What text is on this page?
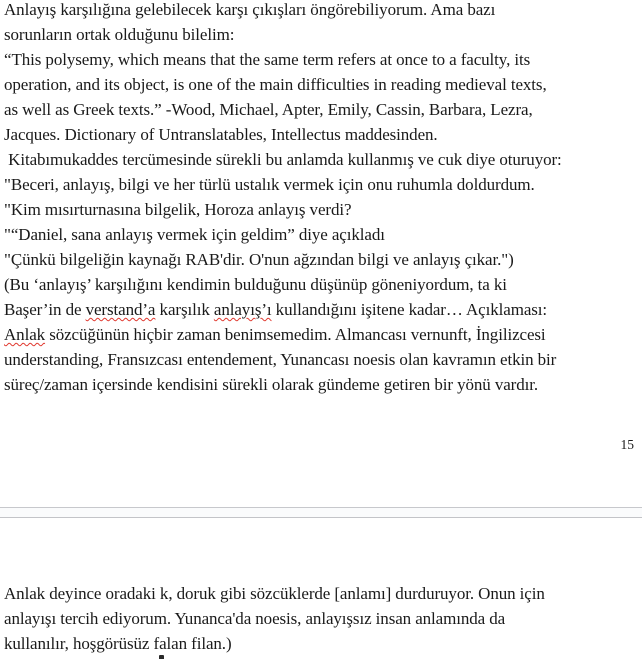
Anlayış karşılığına gelebilecek karşı çıkışları öngörebiliyorum. Ama bazı
sorunların ortak olduğunu bilelim:
“This polysemy, which means that the same term refers at once to a faculty, its
operation, and its object, is one of the main difficulties in reading medieval texts,
as well as Greek texts.” -Wood, Michael, Apter, Emily, Cassin, Barbara, Lezra,
Jacques. Dictionary of Untranslatables, Intellectus maddesinden.
Kitabımukaddes tercümesinde sürekli bu anlamda kullanmış ve cuk diye oturuyor:
"Beceri, anlayış, bilgi ve her türlü ustalık vermek için onu ruhumla doldurdum.
"Kim mısırturnasına bilgelik, Horoza anlayış verdi?
"“Daniel, sana anlayış vermek için geldim” diye açıkladı
"Çünkü bilgeliğin kaynağı RAB'dir. O'nun ağzından bilgi ve anlayış çıkar.")
(Bu ‘anlayış’ karşılığını kendimin bulduğunu düşünüp göneniyordum, ta ki
Başer’in de verstand’a karşılık anlayış’ı kullandığını işitene kadar… Açıklaması:
Anlak sözcüğünün hiçbir zaman benimsemedim. Almancası vernunft, İngilizcesi
understanding, Fransızcası entendement, Yunancası noesis olan kavramın etkin bir
süreç/zaman içersinde kendisini sürekli olarak gündeme getiren bir yönü vardır.
15
Anlak deyince oradaki k, doruk gibi sözcüklerde [anlamı] durduruyor. Onun için
anlayışı tercih ediyorum. Yunanca'da noesis, anlayışsız insan anlamında da
kullanılır, hoşgörüsüz falan filan.)
